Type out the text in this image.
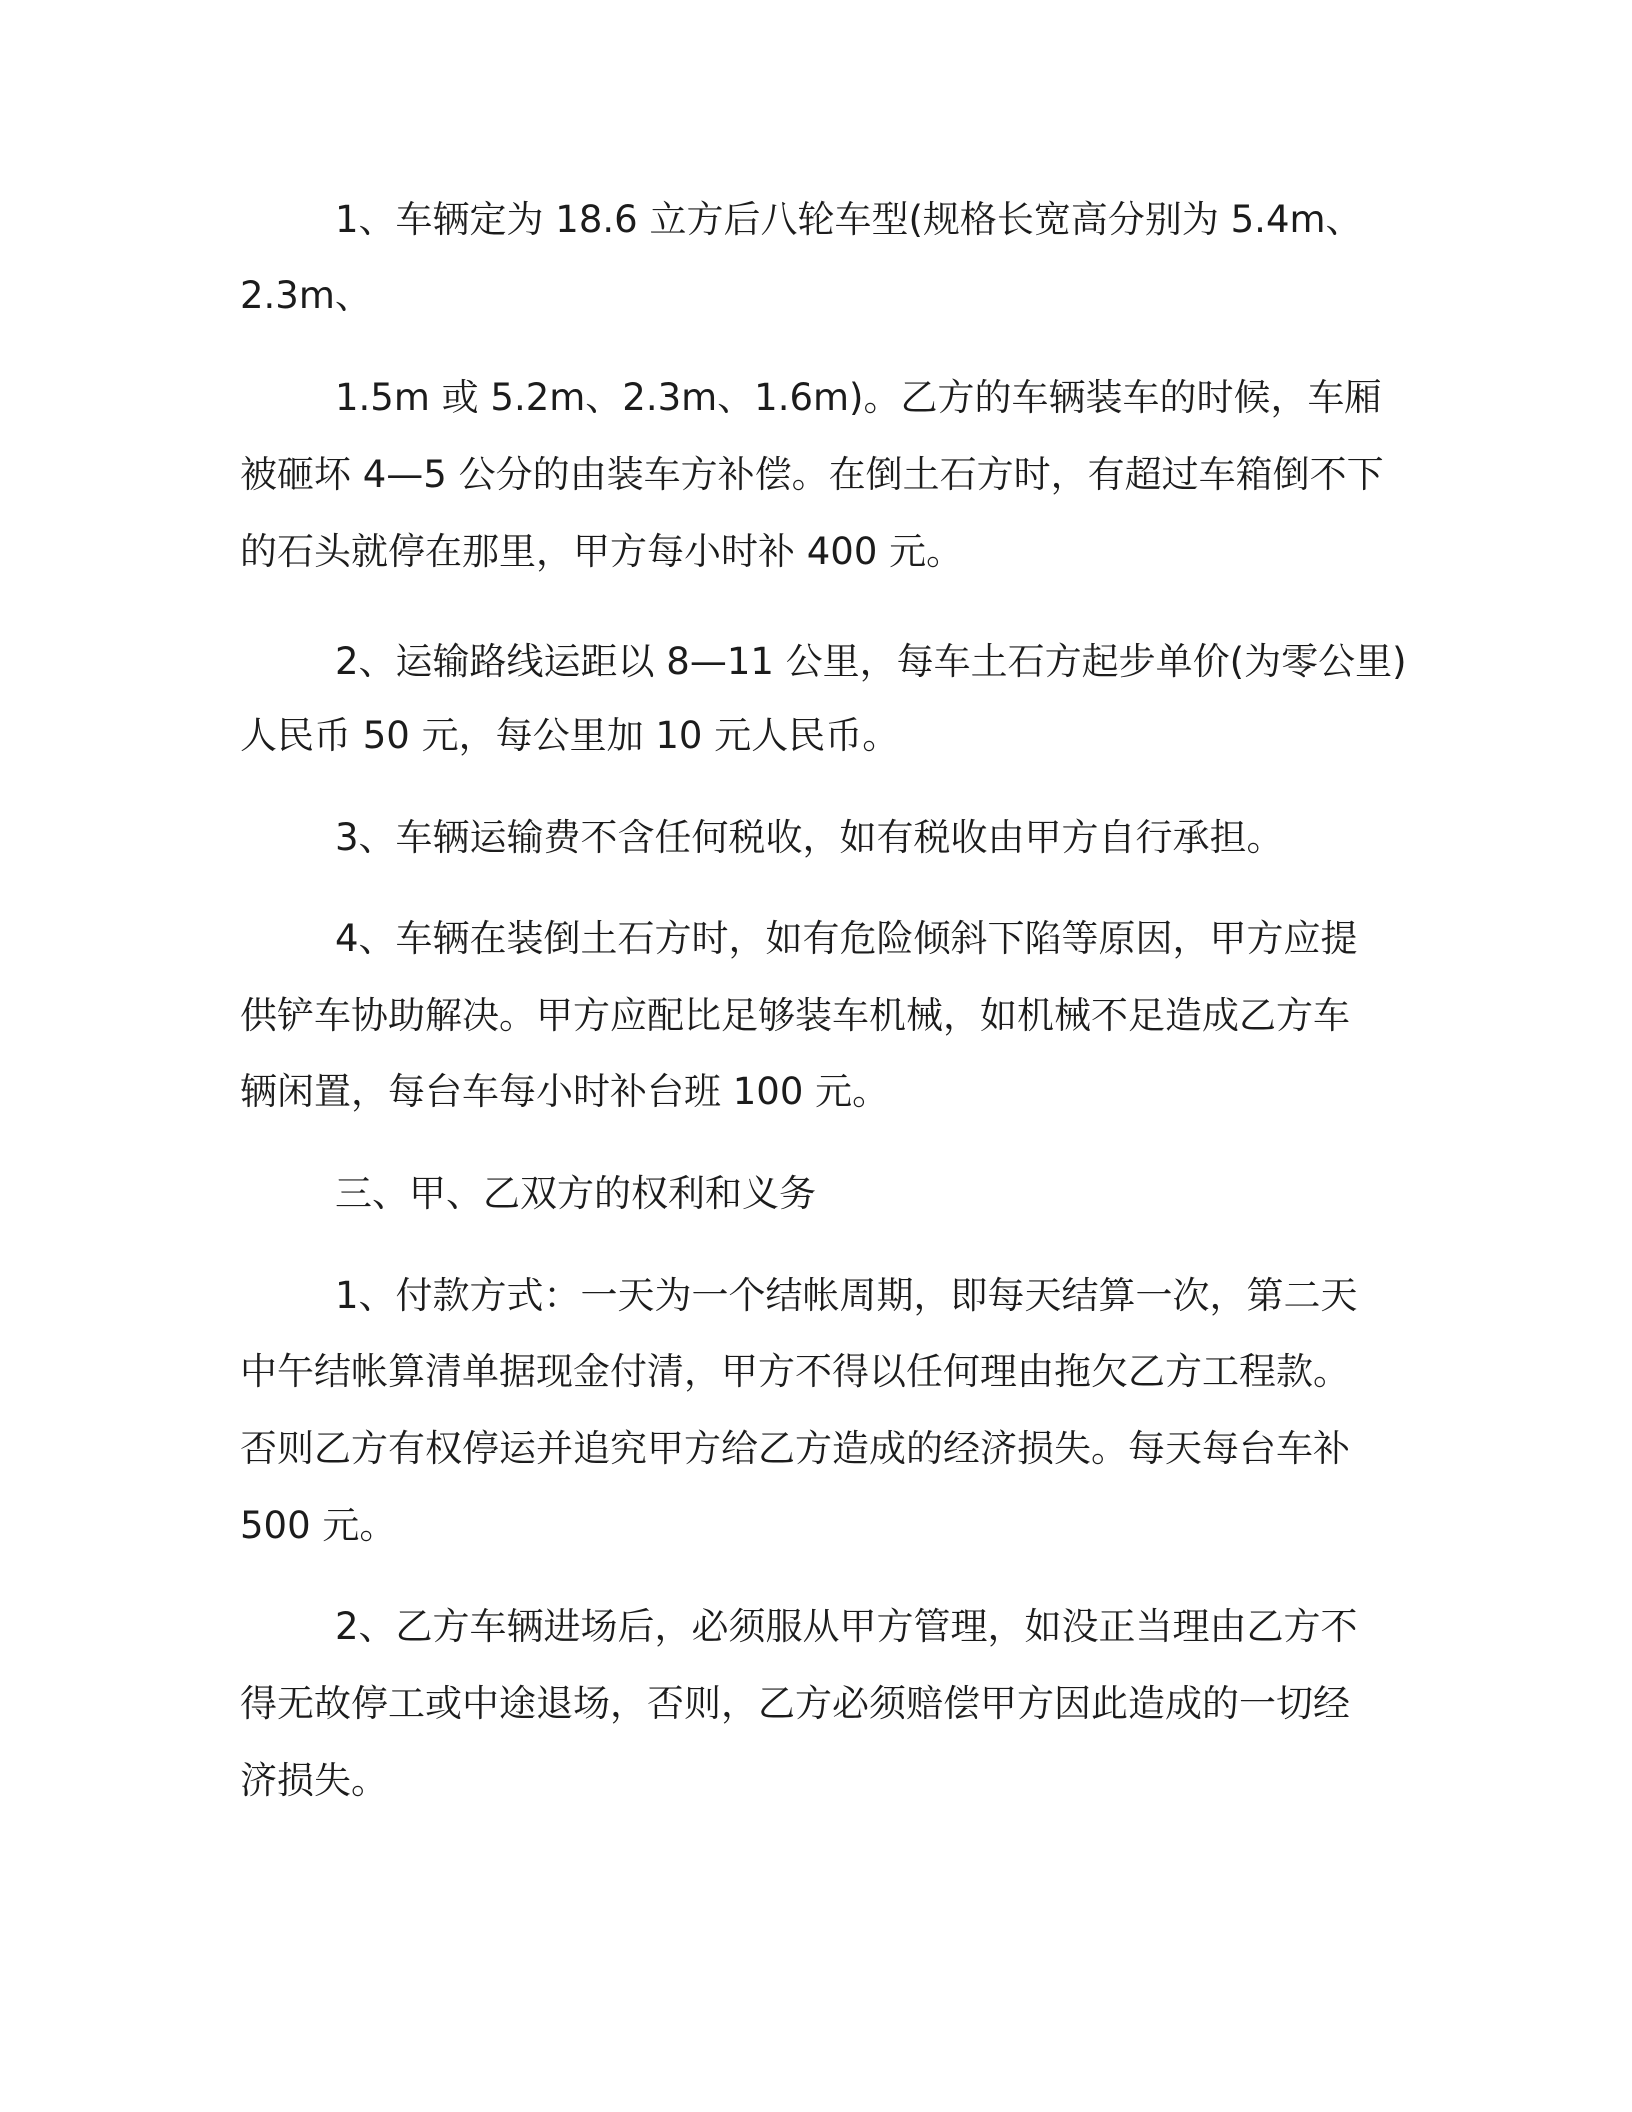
1、车辆定为 18.6 立方后八轮车型(规格长宽高分别为 5.4m、

2.3m、

1.5m 或 5.2m、2.3m、1.6m)。乙方的车辆装车的时候，车厢

被砸坏 4—5 公分的由装车方补偿。在倒土石方时，有超过车箱倒不下

的石头就停在那里，甲方每小时补 400 元。

2、运输路线运距以 8—11 公里，每车土石方起步单价(为零公里)

人民币 50 元，每公里加 10 元人民币。

3、车辆运输费不含任何税收，如有税收由甲方自行承担。

4、车辆在装倒土石方时，如有危险倾斜下陷等原因，甲方应提

供铲车协助解决。甲方应配比足够装车机械，如机械不足造成乙方车

辆闲置，每台车每小时补台班 100 元。

三、甲、乙双方的权利和义务

1、付款方式：一天为一个结帐周期，即每天结算一次，第二天

中午结帐算清单据现金付清，甲方不得以任何理由拖欠乙方工程款。

否则乙方有权停运并追究甲方给乙方造成的经济损失。每天每台车补

500 元。

2、乙方车辆进场后，必须服从甲方管理，如没正当理由乙方不

得无故停工或中途退场，否则，乙方必须赔偿甲方因此造成的一切经

济损失。
